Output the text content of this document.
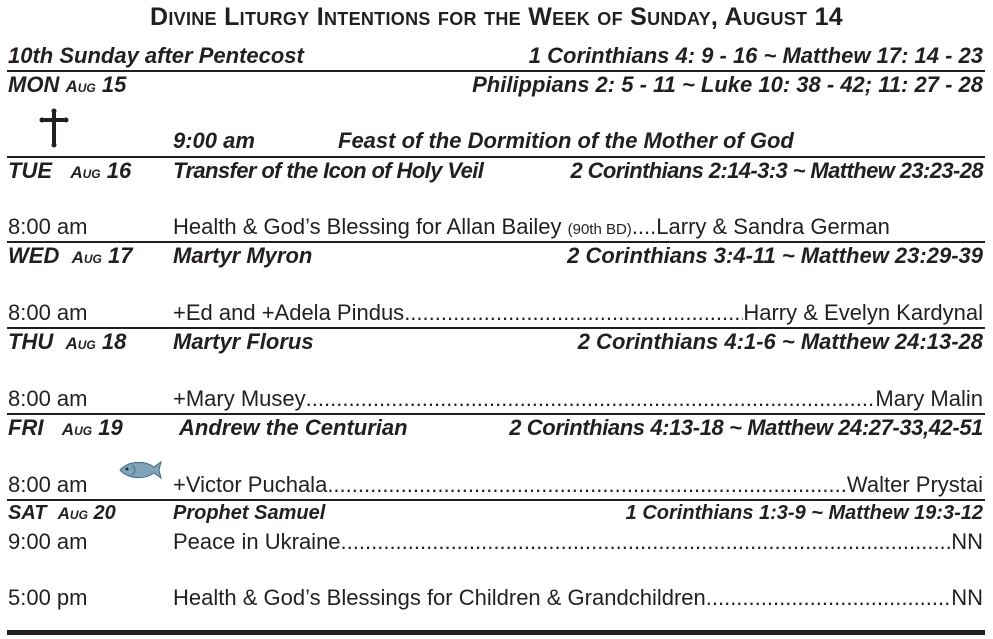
Divine Liturgy Intentions for the Week of Sunday, August 14
10th Sunday after Pentecost	1 Corinthians 4: 9 - 16 ~ Matthew 17: 14 - 23
MON Aug 15	Philippians 2: 5 - 11 ~ Luke 10: 38 - 42; 11: 27 - 28
9:00 am	Feast of the Dormition of the Mother of God
TUE Aug 16 Transfer of the Icon of Holy Veil	2 Corinthians 2:14-3:3 ~ Matthew 23:23-28
8:00 am	Health & God’s Blessing for Allan Bailey (90th BD)....Larry & Sandra German
WED Aug 17 Martyr Myron	2 Corinthians 3:4-11 ~ Matthew 23:29-39
8:00 am	+Ed and +Adela Pindus .....	Harry & Evelyn Kardynal
THU Aug 18 Martyr Florus	2 Corinthians 4:1-6 ~ Matthew 24:13-28
8:00 am	+Mary Musey .....	Mary Malin
FRI Aug 19	Andrew the Centurian	2 Corinthians 4:13-18 ~ Matthew 24:27-33,42-51
8:00 am	+Victor Puchala .....	Walter Prystai
SAT Aug 20	Prophet Samuel	1 Corinthians 1:3-9 ~ Matthew 19:3-12
9:00 am	Peace in Ukraine .....	NN
5:00 pm	Health & God’s Blessings for Children & Grandchildren .....	NN
